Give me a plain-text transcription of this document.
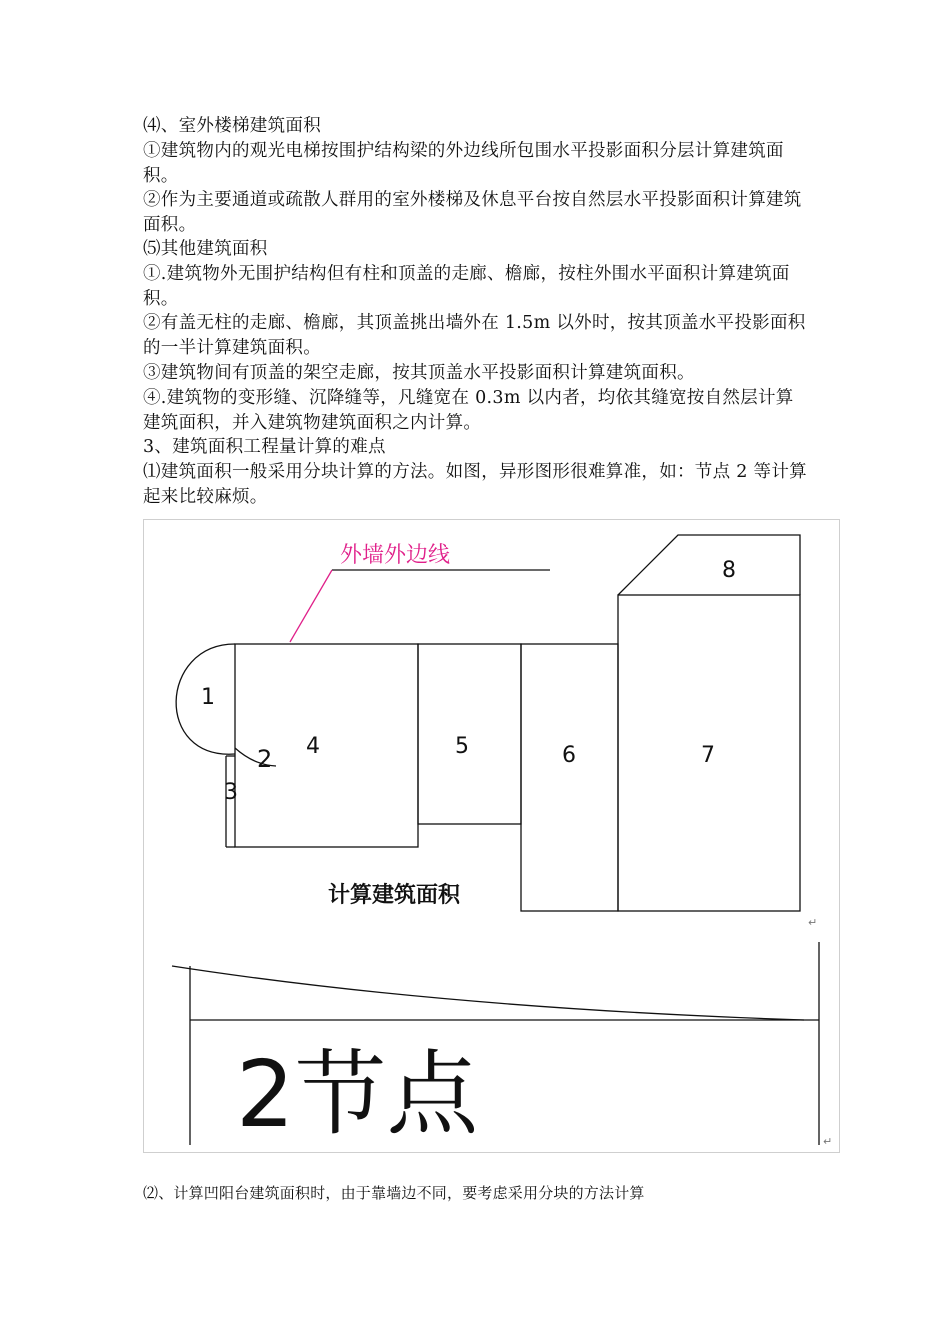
⑷、室外楼梯建筑面积

①建筑物内的观光电梯按围护结构梁的外边线所包围水平投影面积分层计算建筑面积。

②作为主要通道或疏散人群用的室外楼梯及休息平台按自然层水平投影面积计算建筑面积。

⑸其他建筑面积

①.建筑物外无围护结构但有柱和顶盖的走廊、檐廊，按柱外围水平面积计算建筑面积。

②有盖无柱的走廊、檐廊，其顶盖挑出墙外在 1.5m 以外时，按其顶盖水平投影面积的一半计算建筑面积。

③建筑物间有顶盖的架空走廊，按其顶盖水平投影面积计算建筑面积。

④.建筑物的变形缝、沉降缝等，凡缝宽在 0.3m 以内者，均依其缝宽按自然层计算建筑面积，并入建筑物建筑面积之内计算。

3、建筑面积工程量计算的难点

⑴建筑面积一般采用分块计算的方法。如图，异形图形很难算准，如：节点 2 等计算起来比较麻烦。

外墙外边线
1
2
3
4	5	6	7
8
计算建筑面积
2节点
↵
↵
⑵、计算凹阳台建筑面积时，由于靠墙边不同，要考虑采用分块的方法计算
